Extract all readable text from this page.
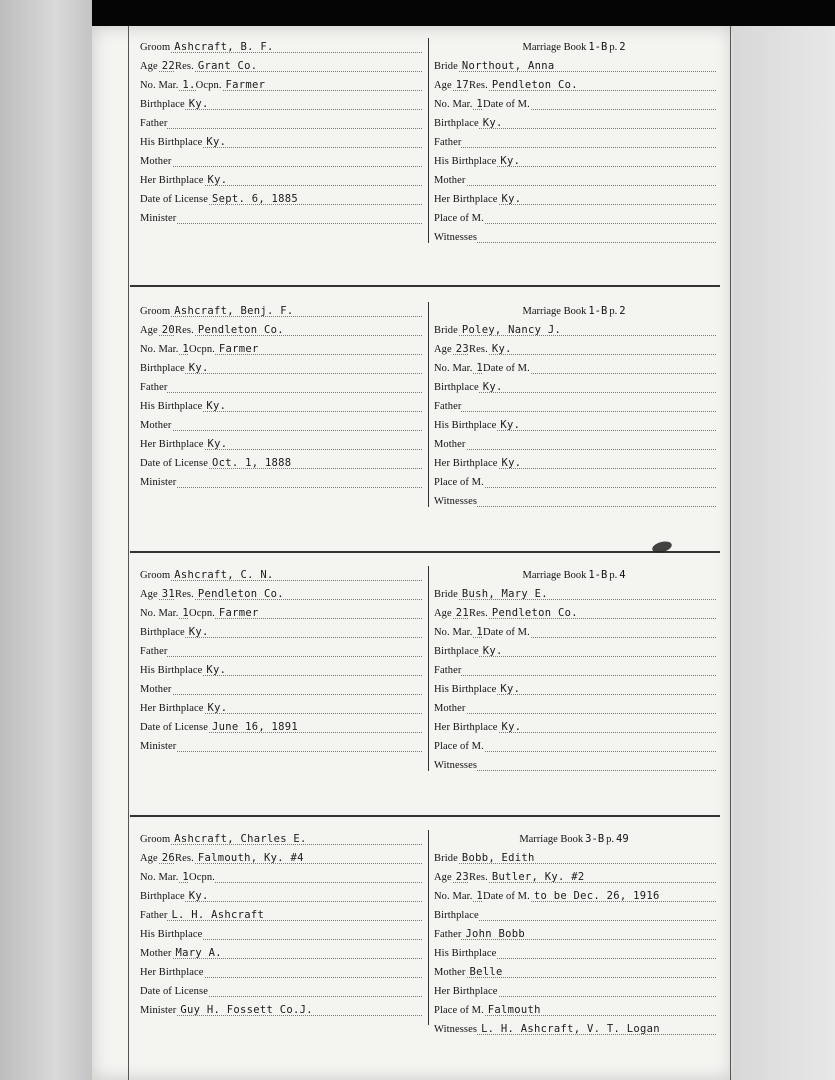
Groom Ashcraft, B. F.
Age 22Res. Grant Co.
No. Mar. 1.Ocpn. Farmer
Birthplace Ky.
Father
His Birthplace Ky.
Mother
Her Birthplace Ky.
Date of License Sept. 6, 1885
Minister
Marriage Book 1-B p. 2
Bride Northout, Anna
Age 17Res. Pendleton Co.
No. Mar. 1Date of M.
Birthplace Ky.
Father
His Birthplace Ky.
Mother
Her Birthplace Ky.
Place of M.
Witnesses
Groom Ashcraft, Benj. F.
Age 20Res. Pendleton Co.
No. Mar. 1Ocpn. Farmer
Birthplace Ky.
Father
His Birthplace Ky.
Mother
Her Birthplace Ky.
Date of License Oct. 1, 1888
Minister
Marriage Book 1-B p. 2
Bride Poley, Nancy J.
Age 23Res. Ky.
No. Mar. 1Date of M.
Birthplace Ky.
Father
His Birthplace Ky.
Mother
Her Birthplace Ky.
Place of M.
Witnesses
Groom Ashcraft, C. N.
Age 31Res. Pendleton Co.
No. Mar. 1Ocpn. Farmer
Birthplace Ky.
Father
His Birthplace Ky.
Mother
Her Birthplace Ky.
Date of License June 16, 1891
Minister
Marriage Book 1-B p. 4
Bride Bush, Mary E.
Age 21Res. Pendleton Co.
No. Mar. 1Date of M.
Birthplace Ky.
Father
His Birthplace Ky.
Mother
Her Birthplace Ky.
Place of M.
Witnesses
Groom Ashcraft, Charles E.
Age 26Res. Falmouth, Ky. #4
No. Mar. 1Ocpn.
Birthplace Ky.
Father L. H. Ashcraft
His Birthplace
Mother Mary A.
Her Birthplace
Date of License
Minister Guy H. Fossett Co.J.
Marriage Book 3-B p. 49
Bride Bobb, Edith
Age 23Res. Butler, Ky. #2
No. Mar. 1Date of M. to be Dec. 26, 1916
Birthplace
Father John Bobb
His Birthplace
Mother Belle
Her Birthplace
Place of M. Falmouth
Witnesses L. H. Ashcraft, V. T. Logan
